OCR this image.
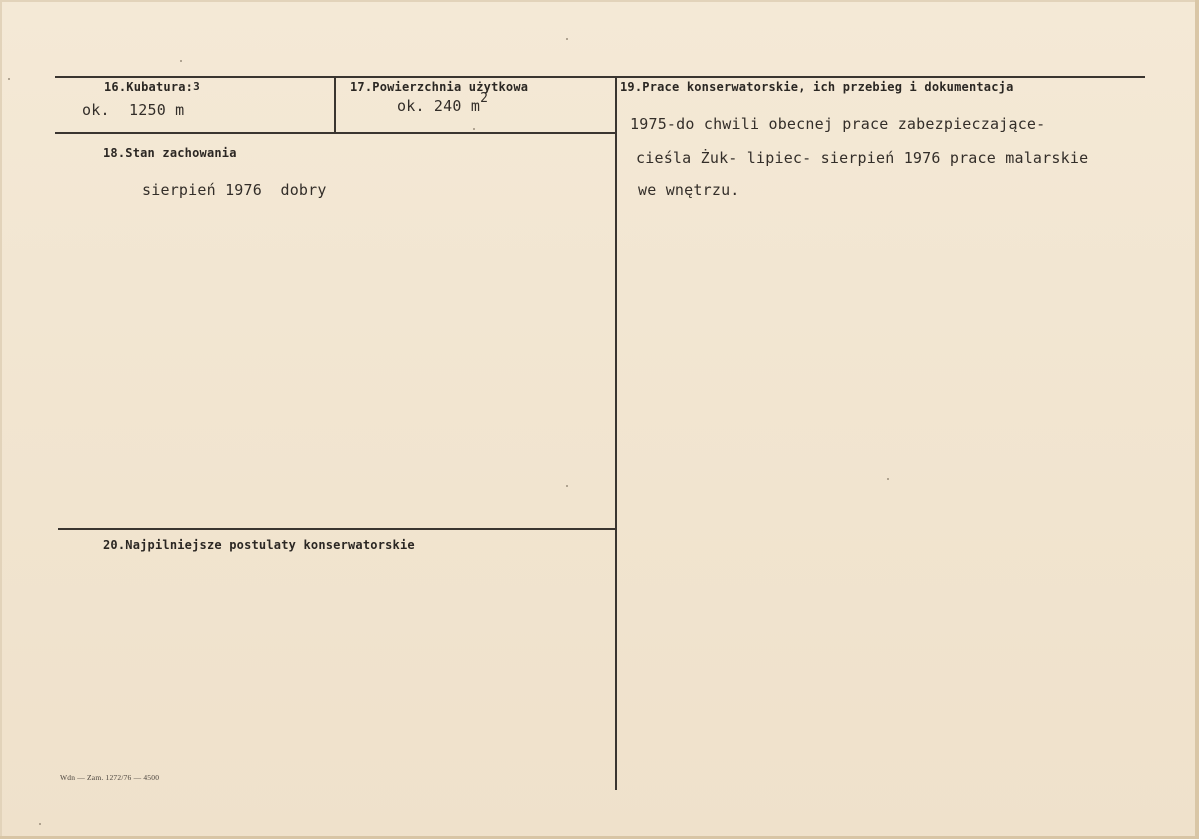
16.Kubatura:3
ok. 1250 m
17.Powierzchnia użytkowa
ok. 240 m2
18.Stan zachowania
sierpień 1976  dobry
19.Prace konserwatorskie, ich przebieg i dokumentacja
1975-do chwili obecnej prace zabezpieczające-
cieśla Żuk- lipiec- sierpień 1976 prace malarskie
we wnętrzu.
20.Najpilniejsze postulaty konserwatorskie
Wdn — Zam. 1272/76 — 4500
